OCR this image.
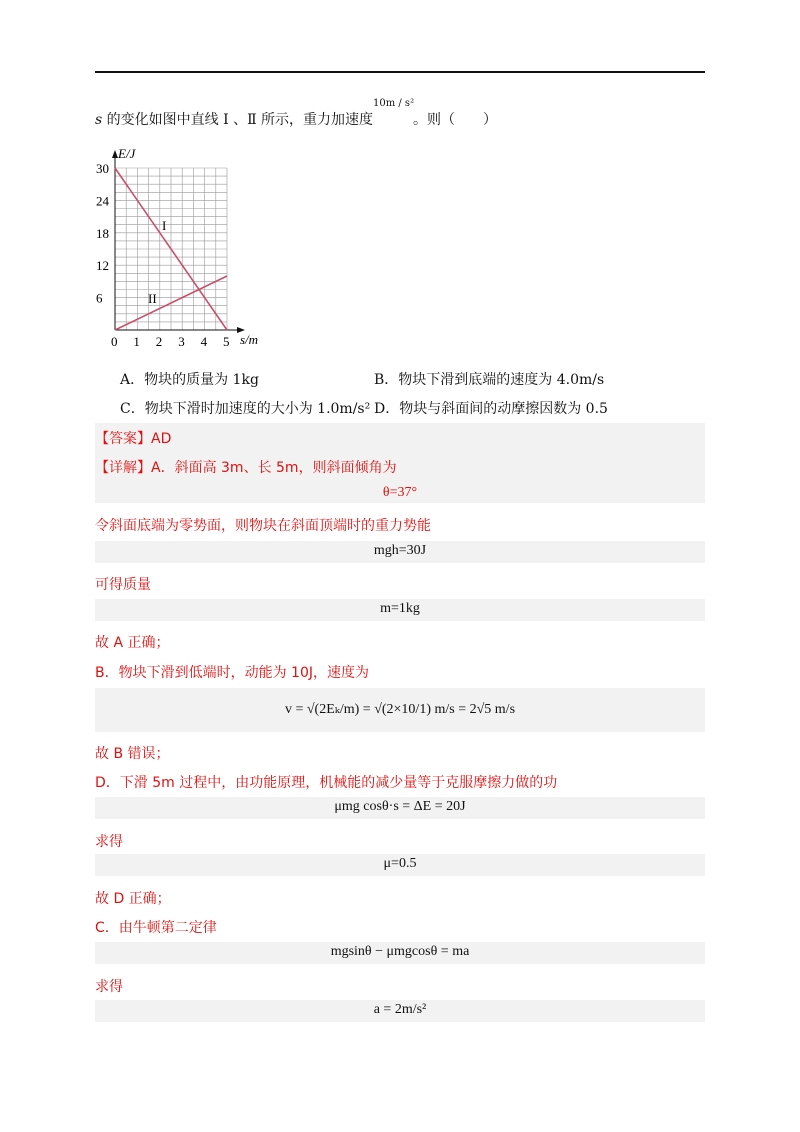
s 的变化如图中直线 Ⅰ 、Ⅱ 所示，重力加速度
10m / s²
。则（　　）
0 1 2 3 4 5
6
12
18
24
30
E/J
s/m
I
II
A．物块的质量为 1kg	B．物块下滑到底端的速度为 4.0m/s
C．物块下滑时加速度的大小为 1.0m/s² D．物块与斜面间的动摩擦因数为 0.5
【答案】AD
【详解】A．斜面高 3m、长 5m，则斜面倾角为
θ=37°
令斜面底端为零势面，则物块在斜面顶端时的重力势能
mgh=30J
可得质量
m=1kg
故 A 正确；
B．物块下滑到低端时，动能为 10J，速度为
v = √(2Eₖ/m) = √(2×10/1) m/s = 2√5 m/s
故 B 错误；
D．下滑 5m 过程中，由功能原理，机械能的减少量等于克服摩擦力做的功
μmg cosθ·s = ΔE = 20J
求得
μ=0.5
故 D 正确；
C．由牛顿第二定律
mgsinθ − μmgcosθ = ma
求得
a = 2m/s²
